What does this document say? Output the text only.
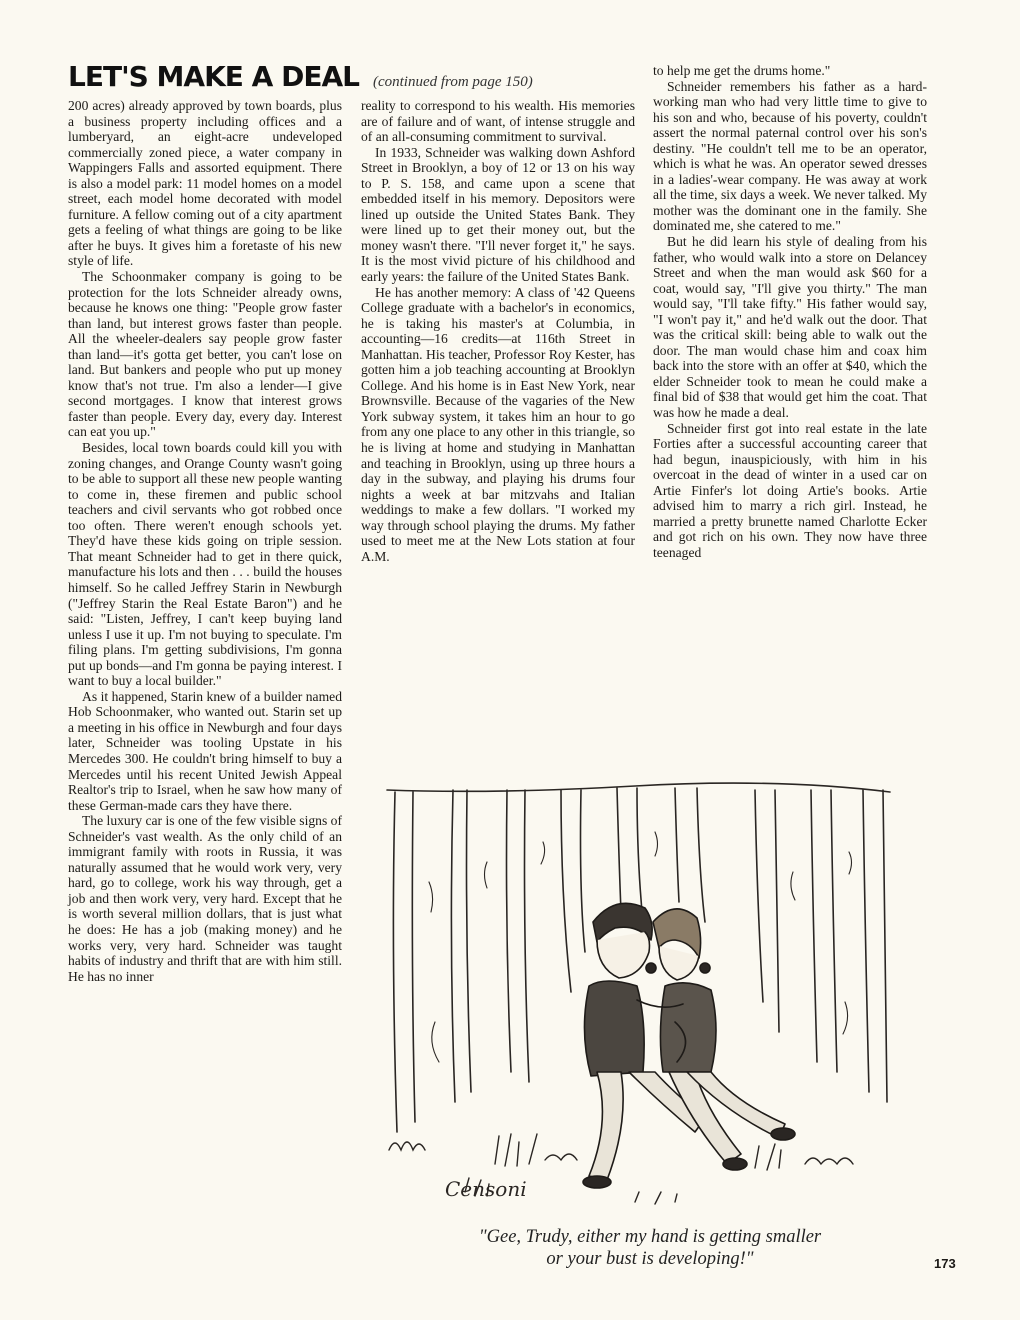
LET'S MAKE A DEAL (continued from page 150)

200 acres) already approved by town boards, plus a business property including offices and a lumberyard, an eight-acre undeveloped commercially zoned piece, a water company in Wappingers Falls and assorted equipment. There is also a model park: 11 model homes on a model street, each model home decorated with model furniture. A fellow coming out of a city apartment gets a feeling of what things are going to be like after he buys. It gives him a foretaste of his new style of life.

The Schoonmaker company is going to be protection for the lots Schneider already owns, because he knows one thing: "People grow faster than land, but interest grows faster than people. All the wheeler-dealers say people grow faster than land—it's gotta get better, you can't lose on land. But bankers and people who put up money know that's not true. I'm also a lender—I give second mortgages. I know that interest grows faster than people. Every day, every day. Interest can eat you up."

Besides, local town boards could kill you with zoning changes, and Orange County wasn't going to be able to support all these new people wanting to come in, these firemen and public school teachers and civil servants who got robbed once too often. There weren't enough schools yet. They'd have these kids going on triple session. That meant Schneider had to get in there quick, manufacture his lots and then . . . build the houses himself. So he called Jeffrey Starin in Newburgh ("Jeffrey Starin the Real Estate Baron") and he said: "Listen, Jeffrey, I can't keep buying land unless I use it up. I'm not buying to speculate. I'm filing plans. I'm getting subdivisions, I'm gonna put up bonds—and I'm gonna be paying interest. I want to buy a local builder."

As it happened, Starin knew of a builder named Hob Schoonmaker, who wanted out. Starin set up a meeting in his office in Newburgh and four days later, Schneider was tooling Upstate in his Mercedes 300. He couldn't bring himself to buy a Mercedes until his recent United Jewish Appeal Realtor's trip to Israel, when he saw how many of these German-made cars they have there.

The luxury car is one of the few visible signs of Schneider's vast wealth. As the only child of an immigrant family with roots in Russia, it was naturally assumed that he would work very, very hard, go to college, work his way through, get a job and then work very, very hard. Except that he is worth several million dollars, that is just what he does: He has a job (making money) and he works very, very hard. Schneider was taught habits of industry and thrift that are with him still. He has no inner

reality to correspond to his wealth. His memories are of failure and of want, of intense struggle and of an all-consuming commitment to survival.

In 1933, Schneider was walking down Ashford Street in Brooklyn, a boy of 12 or 13 on his way to P. S. 158, and came upon a scene that embedded itself in his memory. Depositors were lined up outside the United States Bank. They were lined up to get their money out, but the money wasn't there. "I'll never forget it," he says. It is the most vivid picture of his childhood and early years: the failure of the United States Bank.

He has another memory: A class of '42 Queens College graduate with a bachelor's in economics, he is taking his master's at Columbia, in accounting—16 credits—at 116th Street in Manhattan. His teacher, Professor Roy Kester, has gotten him a job teaching accounting at Brooklyn College. And his home is in East New York, near Brownsville. Because of the vagaries of the New York subway system, it takes him an hour to go from any one place to any other in this triangle, so he is living at home and studying in Manhattan and teaching in Brooklyn, using up three hours a day in the subway, and playing his drums four nights a week at bar mitzvahs and Italian weddings to make a few dollars. "I worked my way through school playing the drums. My father used to meet me at the New Lots station at four A.M.

to help me get the drums home."

Schneider remembers his father as a hard-working man who had very little time to give to his son and who, because of his poverty, couldn't assert the normal paternal control over his son's destiny. "He couldn't tell me to be an operator, which is what he was. An operator sewed dresses in a ladies'-wear company. He was away at work all the time, six days a week. We never talked. My mother was the dominant one in the family. She dominated me, she catered to me."

But he did learn his style of dealing from his father, who would walk into a store on Delancey Street and when the man would ask $60 for a coat, would say, "I'll give you thirty." The man would say, "I'll take fifty." His father would say, "I won't pay it," and he'd walk out the door. That was the critical skill: being able to walk out the door. The man would chase him and coax him back into the store with an offer at $40, which the elder Schneider took to mean he could make a final bid of $38 that would get him the coat. That was how he made a deal.

Schneider first got into real estate in the late Forties after a successful accounting career that had begun, inauspiciously, with him in his overcoat in the dead of winter in a used car on Artie Finfer's lot doing Artie's books. Artie advised him to marry a rich girl. Instead, he married a pretty brunette named Charlotte Ecker and got rich on his own. They now have three teenaged

Censoni
"Gee, Trudy, either my hand is getting smaller
or your bust is developing!"	173
